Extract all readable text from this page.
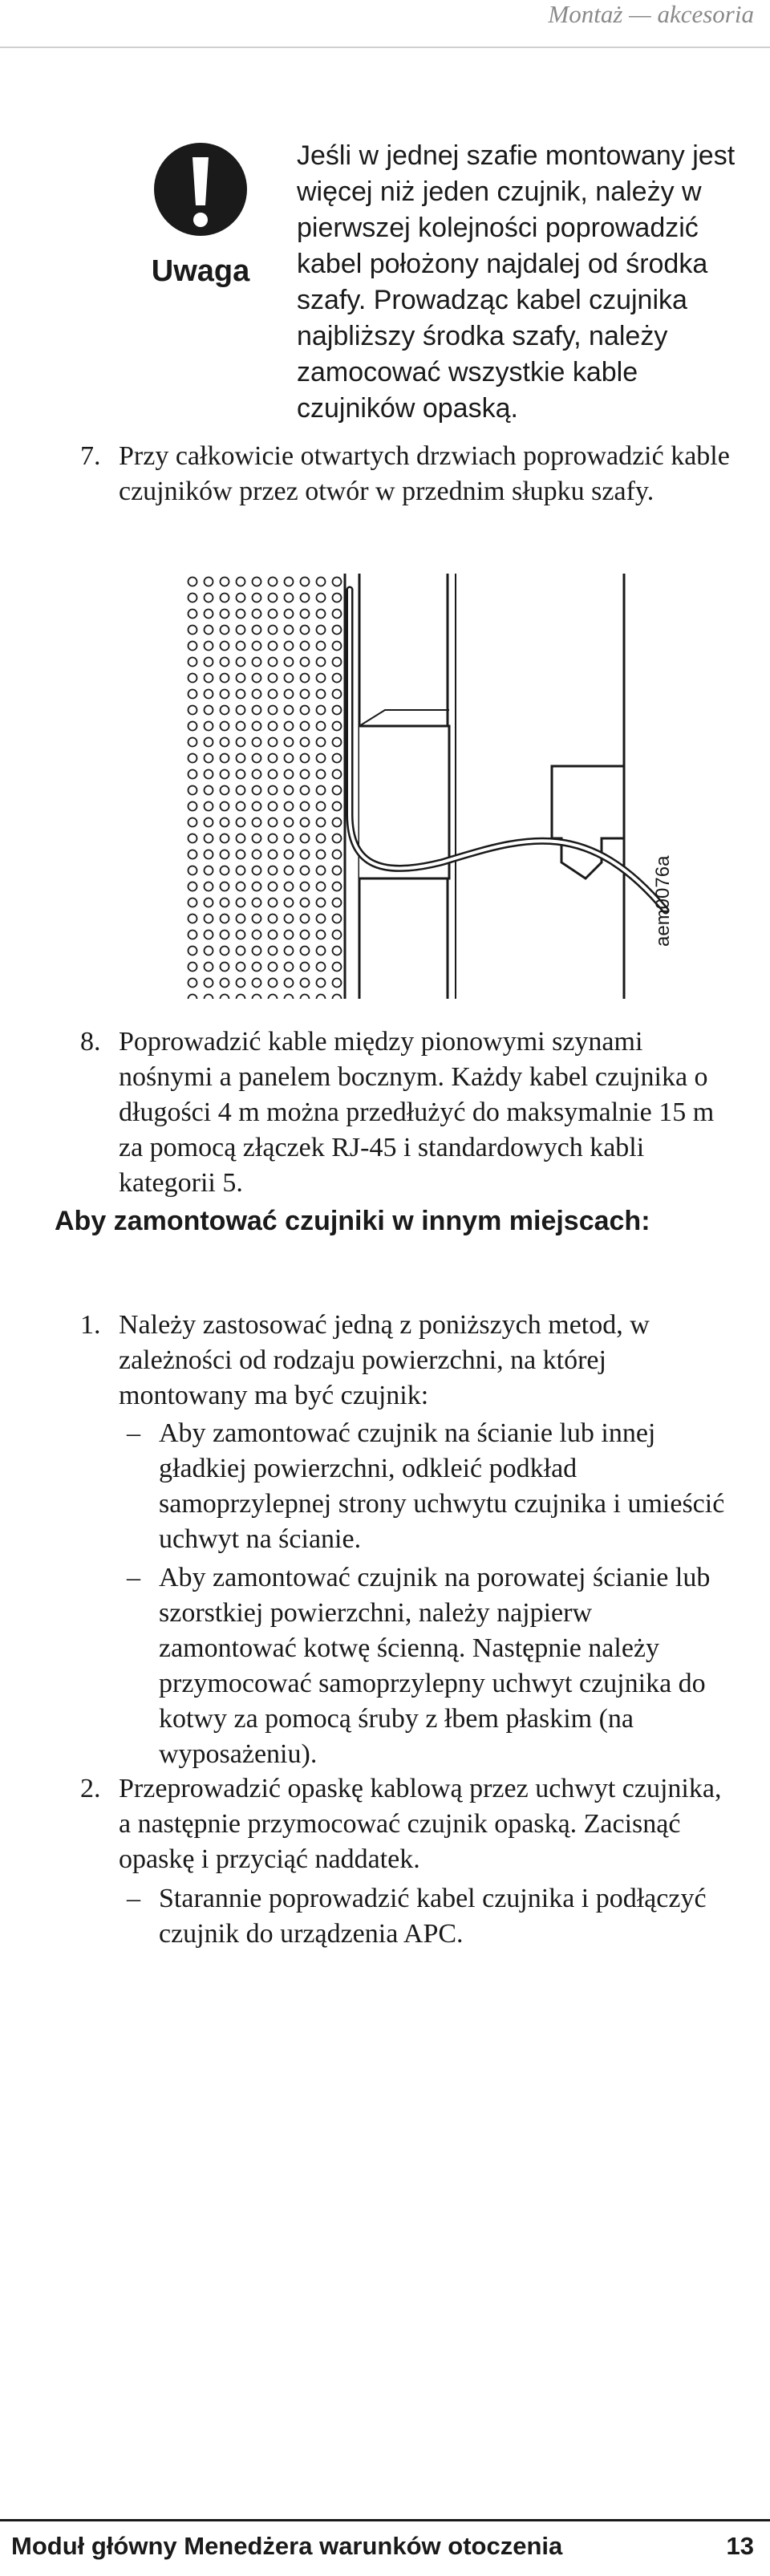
Montaż — akcesoria
Uwaga
Jeśli w jednej szafie montowany jest więcej niż jeden czujnik, należy w pierwszej kolejności poprowadzić kabel położony najdalej od środka szafy. Prowadząc kabel czujnika najbliższy środka szafy, należy zamocować wszystkie kable czujników opaską.
7. Przy całkowicie otwartych drzwiach poprowadzić kable czujników przez otwór w przednim słupku szafy.
aem0076a
8. Poprowadzić kable między pionowymi szynami nośnymi a panelem bocznym. Każdy kabel czujnika o długości 4 m można przedłużyć do maksymalnie 15 m za pomocą złączek RJ-45 i standardowych kabli kategorii 5.
Aby zamontować czujniki w innym miejscach:
1. Należy zastosować jedną z poniższych metod, w zależności od rodzaju powierzchni, na której montowany ma być czujnik:
– Aby zamontować czujnik na ścianie lub innej gładkiej powierzchni, odkleić podkład samoprzylepnej strony uchwytu czujnika i umieścić uchwyt na ścianie.
– Aby zamontować czujnik na porowatej ścianie lub szorstkiej powierzchni, należy najpierw zamontować kotwę ścienną. Następnie należy przymocować samoprzylepny uchwyt czujnika do kotwy za pomocą śruby z łbem płaskim (na wyposażeniu).
2. Przeprowadzić opaskę kablową przez uchwyt czujnika, a następnie przymocować czujnik opaską. Zacisnąć opaskę i przyciąć naddatek.
– Starannie poprowadzić kabel czujnika i podłączyć czujnik do urządzenia APC.
Moduł główny Menedżera warunków otoczenia	13
